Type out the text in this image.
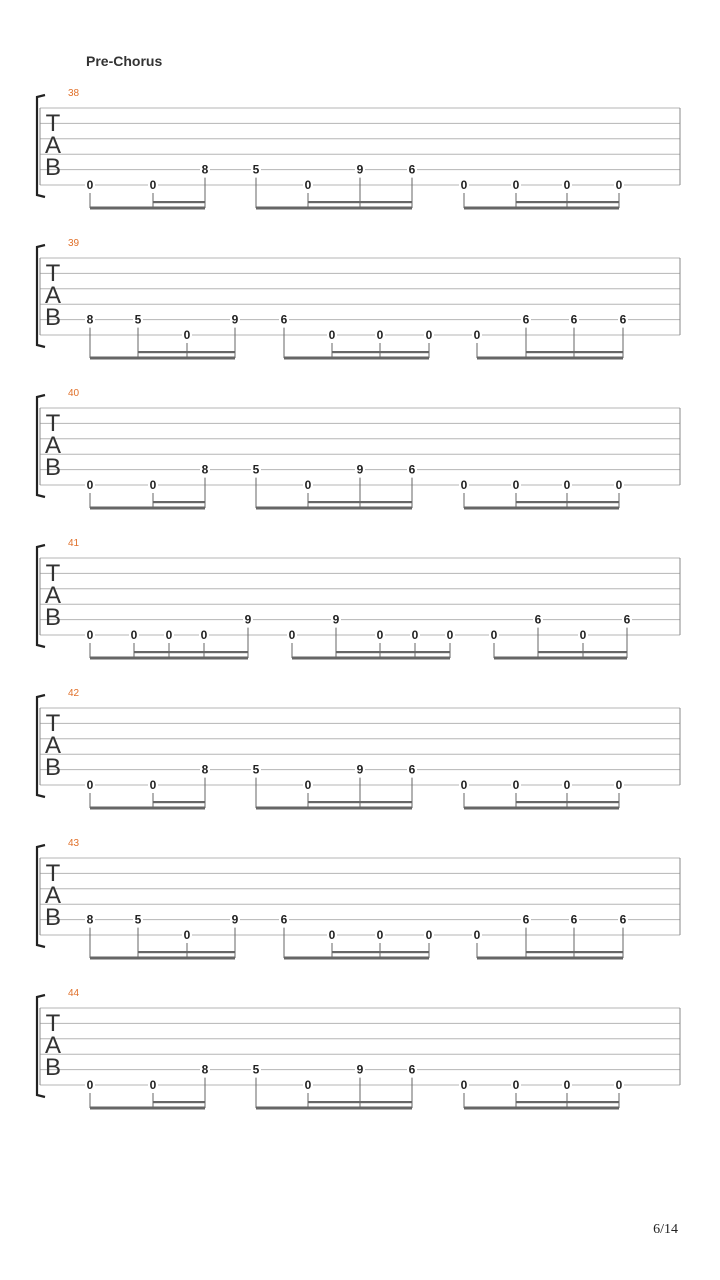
Pre-Chorus
38
T
A
B
0	0
8	5
0
9	6
0	0	0	0
39
T
A
B 8	5
0
9	6
0	0	0	0
6	6	6
40
T
A
B
0	0
8	5
0
9	6
0	0	0	0
41
T
A
B
0	0 0 0
9
0
9
0 0 0	0
6
0
6
42
T
A
B
0	0
8	5
0
9	6
0	0	0	0
43
T
A
B 8	5
0
9	6
0	0	0	0
6	6	6
44
T
A
B
0	0
8	5
0
9	6
0	0	0	0
6/14
